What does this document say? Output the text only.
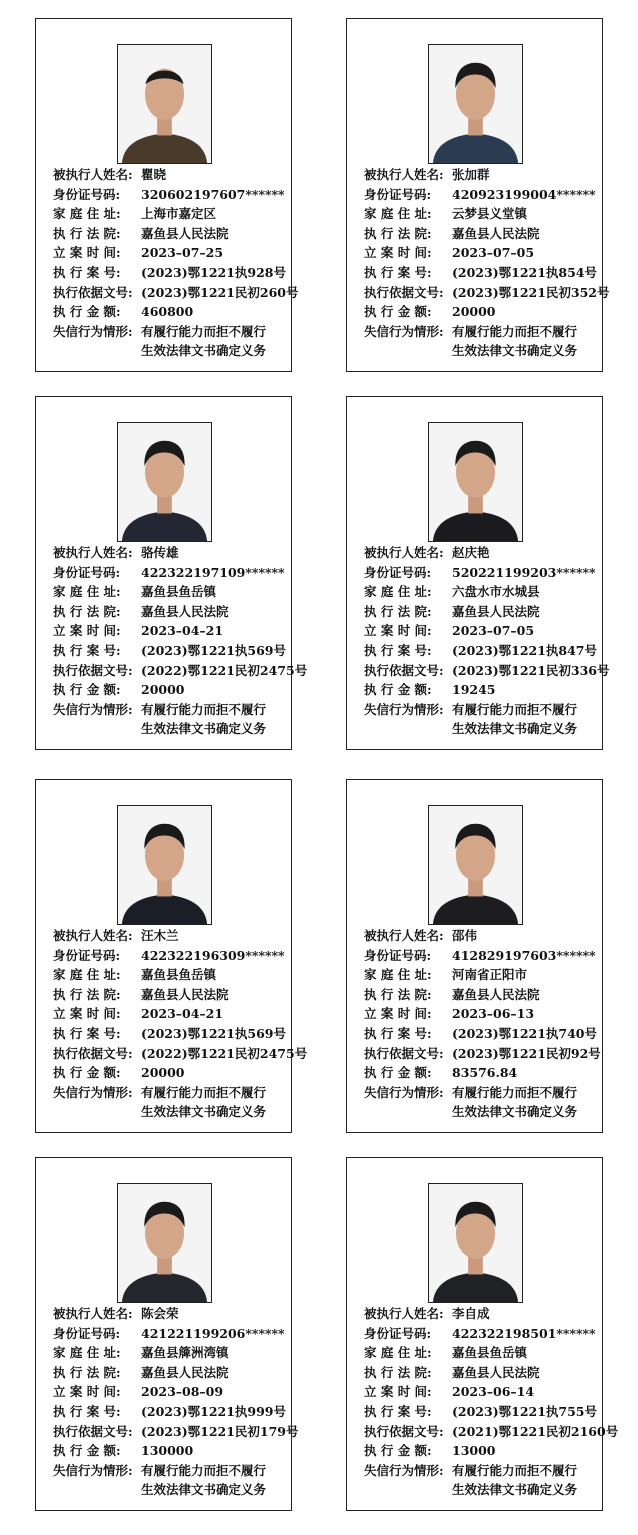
被执行人姓名: 瞿晓
身份证号码:	320602197607******
家 庭 住 址:	上海市嘉定区
执 行 法 院:	嘉鱼县人民法院
立 案 时 间:	2023–07–25
执 行 案 号:	(2023)鄂1221执928号
执行依据文号: (2023)鄂1221民初260号
执 行 金 额:	460800
失信行为情形: 有履行能力而拒不履行
生效法律文书确定义务
被执行人姓名: 张加群
身份证号码:	420923199004******
家 庭 住 址:	云梦县义堂镇
执 行 法 院:	嘉鱼县人民法院
立 案 时 间:	2023–07–05
执 行 案 号:	(2023)鄂1221执854号
执行依据文号: (2023)鄂1221民初352号
执 行 金 额:	20000
失信行为情形: 有履行能力而拒不履行
生效法律文书确定义务
被执行人姓名: 骆传雄
身份证号码:	422322197109******
家 庭 住 址:	嘉鱼县鱼岳镇
执 行 法 院:	嘉鱼县人民法院
立 案 时 间:	2023–04–21
执 行 案 号:	(2023)鄂1221执569号
执行依据文号: (2022)鄂1221民初2475号
执 行 金 额:	20000
失信行为情形: 有履行能力而拒不履行
生效法律文书确定义务
被执行人姓名: 赵庆艳
身份证号码:	520221199203******
家 庭 住 址:	六盘水市水城县
执 行 法 院:	嘉鱼县人民法院
立 案 时 间:	2023–07–05
执 行 案 号:	(2023)鄂1221执847号
执行依据文号: (2023)鄂1221民初336号
执 行 金 额:	19245
失信行为情形: 有履行能力而拒不履行
生效法律文书确定义务
被执行人姓名: 汪木兰
身份证号码:	422322196309******
家 庭 住 址:	嘉鱼县鱼岳镇
执 行 法 院:	嘉鱼县人民法院
立 案 时 间:	2023–04–21
执 行 案 号:	(2023)鄂1221执569号
执行依据文号: (2022)鄂1221民初2475号
执 行 金 额:	20000
失信行为情形: 有履行能力而拒不履行
生效法律文书确定义务
被执行人姓名: 邵伟
身份证号码:	412829197603******
家 庭 住 址:	河南省正阳市
执 行 法 院:	嘉鱼县人民法院
立 案 时 间:	2023–06–13
执 行 案 号:	(2023)鄂1221执740号
执行依据文号: (2023)鄂1221民初92号
执 行 金 额:	83576.84
失信行为情形: 有履行能力而拒不履行
生效法律文书确定义务
被执行人姓名: 陈会荣
身份证号码:	421221199206******
家 庭 住 址:	嘉鱼县簰洲湾镇
执 行 法 院:	嘉鱼县人民法院
立 案 时 间:	2023–08–09
执 行 案 号:	(2023)鄂1221执999号
执行依据文号: (2023)鄂1221民初179号
执 行 金 额:	130000
失信行为情形: 有履行能力而拒不履行
生效法律文书确定义务
被执行人姓名: 李自成
身份证号码:	422322198501******
家 庭 住 址:	嘉鱼县鱼岳镇
执 行 法 院:	嘉鱼县人民法院
立 案 时 间:	2023–06–14
执 行 案 号:	(2023)鄂1221执755号
执行依据文号: (2021)鄂1221民初2160号
执 行 金 额:	13000
失信行为情形: 有履行能力而拒不履行
生效法律文书确定义务
